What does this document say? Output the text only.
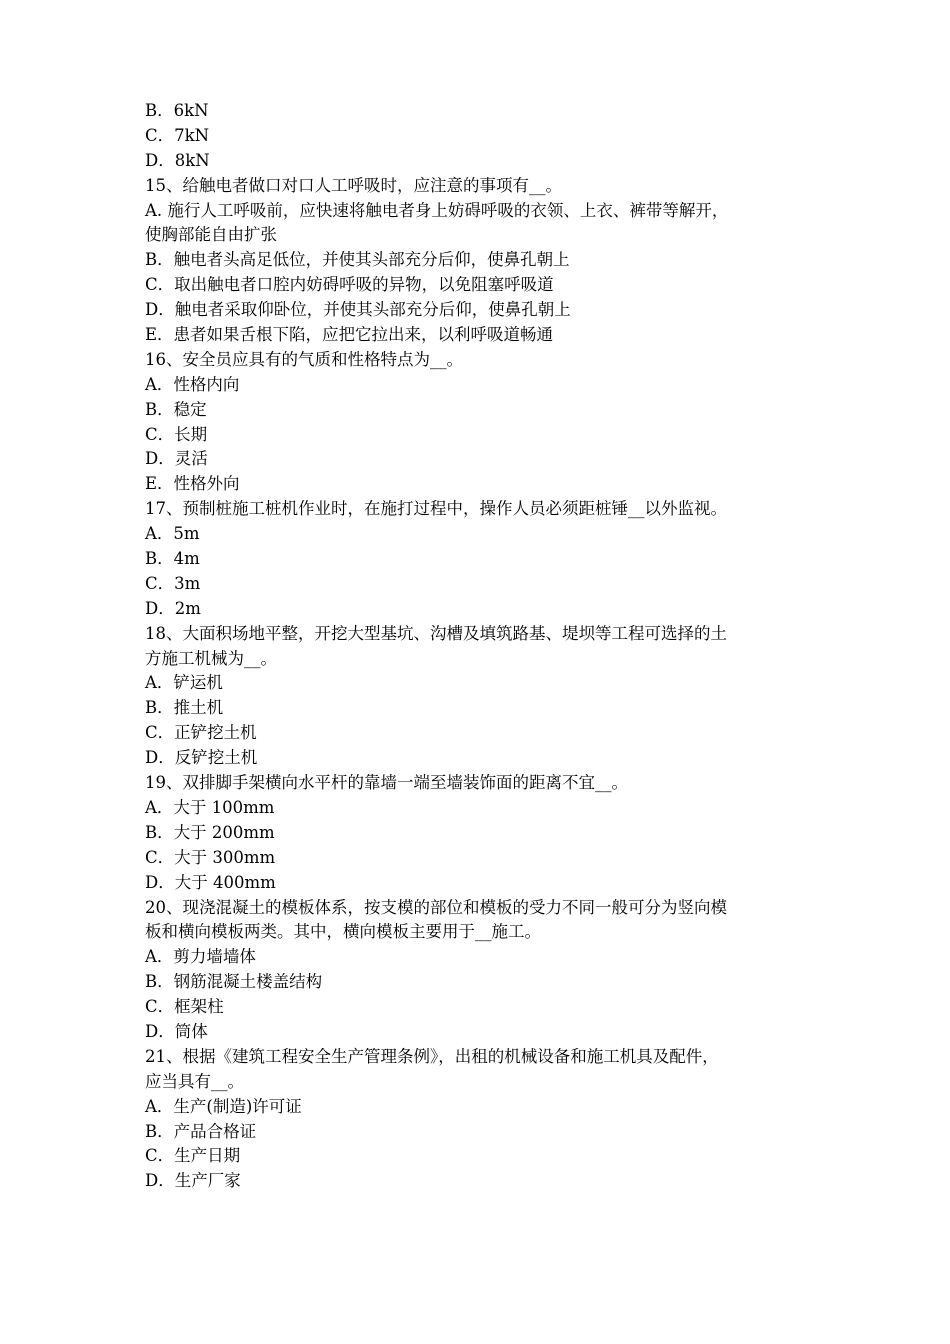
B．6kN
C．7kN
D．8kN
15、给触电者做口对口人工呼吸时，应注意的事项有__。
A. 施行人工呼吸前，应快速将触电者身上妨碍呼吸的衣领、上衣、裤带等解开，
使胸部能自由扩张
B．触电者头高足低位，并使其头部充分后仰，使鼻孔朝上
C．取出触电者口腔内妨碍呼吸的异物，以免阻塞呼吸道
D．触电者采取仰卧位，并使其头部充分后仰，使鼻孔朝上
E．患者如果舌根下陷，应把它拉出来，以利呼吸道畅通
16、安全员应具有的气质和性格特点为__。
A．性格内向
B．稳定
C．长期
D．灵活
E．性格外向
17、预制桩施工桩机作业时，在施打过程中，操作人员必须距桩锤__以外监视。
A．5m
B．4m
C．3m
D．2m
18、大面积场地平整，开挖大型基坑、沟槽及填筑路基、堤坝等工程可选择的土
方施工机械为__。
A．铲运机
B．推土机
C．正铲挖土机
D．反铲挖土机
19、双排脚手架横向水平杆的靠墙一端至墙装饰面的距离不宜__。
A．大于 100mm
B．大于 200mm
C．大于 300mm
D．大于 400mm
20、现浇混凝土的模板体系，按支模的部位和模板的受力不同一般可分为竖向模
板和横向模板两类。其中，横向模板主要用于__施工。
A．剪力墙墙体
B．钢筋混凝土楼盖结构
C．框架柱
D．筒体
21、根据《建筑工程安全生产管理条例》，出租的机械设备和施工机具及配件，
应当具有__。
A．生产(制造)许可证
B．产品合格证
C．生产日期
D．生产厂家
